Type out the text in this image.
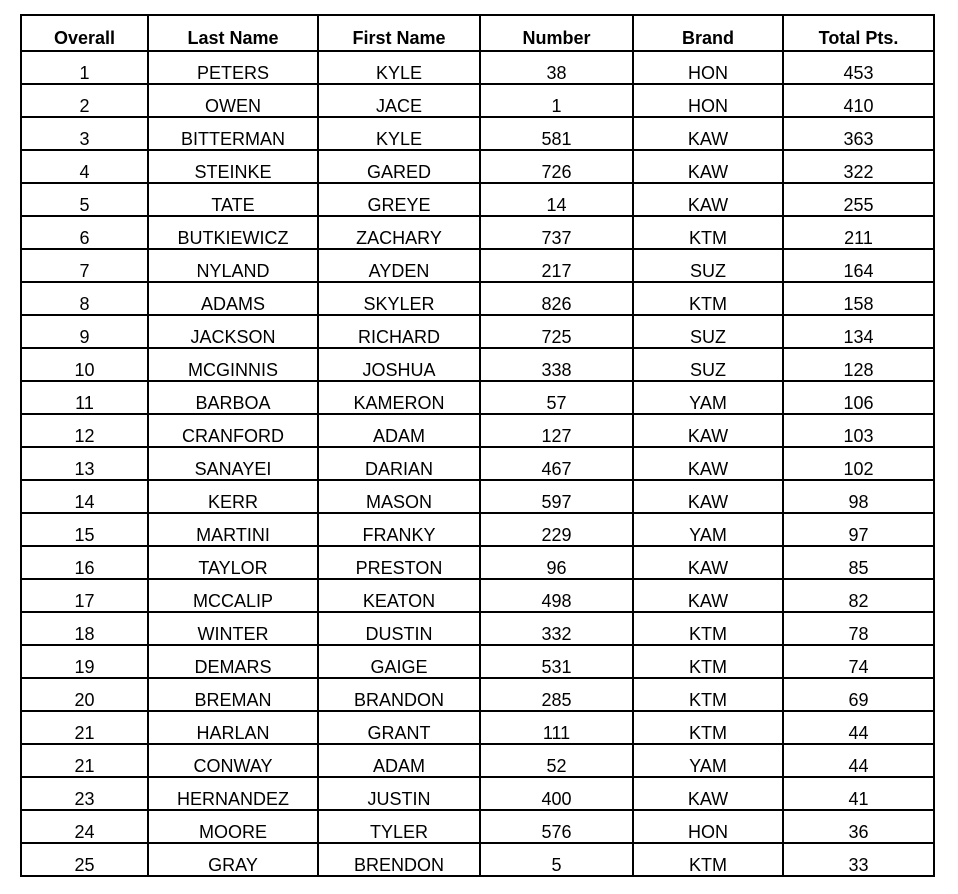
Overall	Last Name	First Name	Number	Brand	Total Pts.
1	PETERS	KYLE	38	HON	453
2	OWEN	JACE	1	HON	410
3	BITTERMAN	KYLE	581	KAW	363
4	STEINKE	GARED	726	KAW	322
5	TATE	GREYE	14	KAW	255
6	BUTKIEWICZ	ZACHARY	737	KTM	211
7	NYLAND	AYDEN	217	SUZ	164
8	ADAMS	SKYLER	826	KTM	158
9	JACKSON	RICHARD	725	SUZ	134
10	MCGINNIS	JOSHUA	338	SUZ	128
11	BARBOA	KAMERON	57	YAM	106
12	CRANFORD	ADAM	127	KAW	103
13	SANAYEI	DARIAN	467	KAW	102
14	KERR	MASON	597	KAW	98
15	MARTINI	FRANKY	229	YAM	97
16	TAYLOR	PRESTON	96	KAW	85
17	MCCALIP	KEATON	498	KAW	82
18	WINTER	DUSTIN	332	KTM	78
19	DEMARS	GAIGE	531	KTM	74
20	BREMAN	BRANDON	285	KTM	69
21	HARLAN	GRANT	111	KTM	44
21	CONWAY	ADAM	52	YAM	44
23	HERNANDEZ	JUSTIN	400	KAW	41
24	MOORE	TYLER	576	HON	36
25	GRAY	BRENDON	5	KTM	33
